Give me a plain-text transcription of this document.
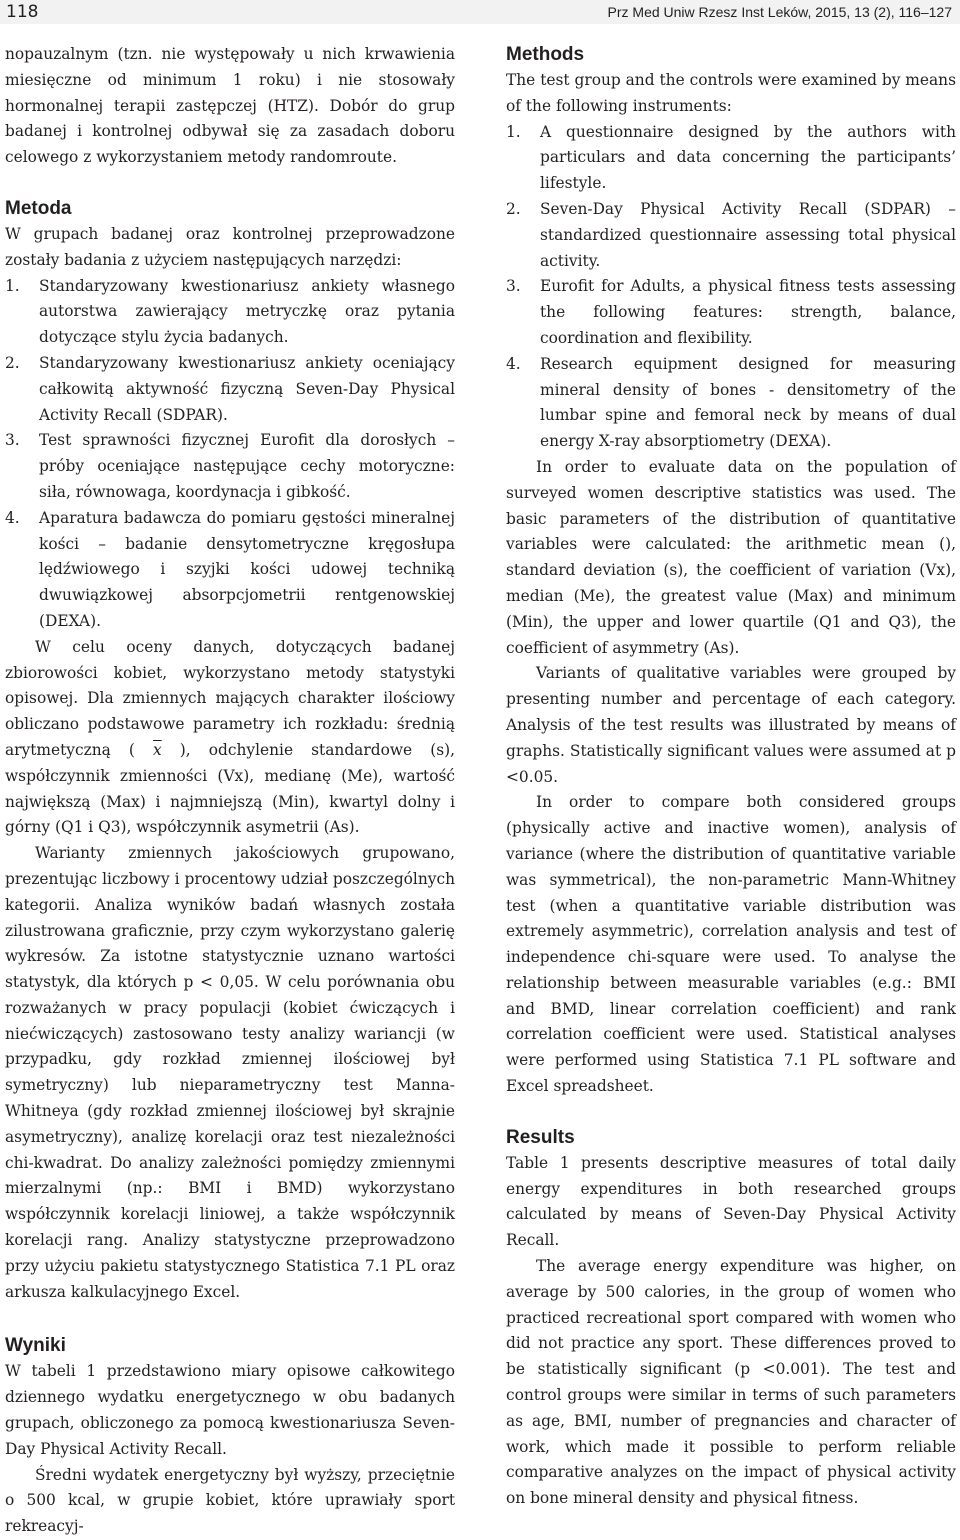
118	Prz Med Uniw Rzesz Inst Leków, 2015, 13 (2), 116–127

nopauzalnym (tzn. nie występowały u nich krwawienia miesięczne od minimum 1 roku) i nie stosowały hormonalnej terapii zastępczej (HTZ). Dobór do grup badanej i kontrolnej odbywał się za zasadach doboru celowego z wykorzystaniem metody randomroute.

Metoda

W grupach badanej oraz kontrolnej przeprowadzone zostały badania z użyciem następujących narzędzi:

1. Standaryzowany kwestionariusz ankiety własnego autorstwa zawierający metryczkę oraz pytania dotyczące stylu życia badanych.
2. Standaryzowany kwestionariusz ankiety oceniający całkowitą aktywność fizyczną Seven-Day Physical Activity Recall (SDPAR).
3. Test sprawności fizycznej Eurofit dla dorosłych – próby oceniające następujące cechy motoryczne: siła, równowaga, koordynacja i gibkość.
4. Aparatura badawcza do pomiaru gęstości mineralnej kości – badanie densytometryczne kręgosłupa lędźwiowego i szyjki kości udowej techniką dwuwiązkowej absorpcjometrii rentgenowskiej (DEXA).

W celu oceny danych, dotyczących badanej zbiorowości kobiet, wykorzystano metody statystyki opisowej. Dla zmiennych mających charakter ilościowy obliczano podstawowe parametry ich rozkładu: średnią arytmetyczną ( $\overline{x}$ ), odchylenie standardowe (s), współczynnik zmienności (Vx), medianę (Me), wartość największą (Max) i najmniejszą (Min), kwartyl dolny i górny (Q1 i Q3), współczynnik asymetrii (As).

Warianty zmiennych jakościowych grupowano, prezentując liczbowy i procentowy udział poszczególnych kategorii. Analiza wyników badań własnych została zilustrowana graficznie, przy czym wykorzystano galerię wykresów. Za istotne statystycznie uznano wartości statystyk, dla których p < 0,05. W celu porównania obu rozważanych w pracy populacji (kobiet ćwiczących i niećwiczących) zastosowano testy analizy wariancji (w przypadku, gdy rozkład zmiennej ilościowej był symetryczny) lub nieparametryczny test Manna-Whitneya (gdy rozkład zmiennej ilościowej był skrajnie asymetryczny), analizę korelacji oraz test niezależności chi-kwadrat. Do analizy zależności pomiędzy zmiennymi mierzalnymi (np.: BMI i BMD) wykorzystano współczynnik korelacji liniowej, a także współczynnik korelacji rang. Analizy statystyczne przeprowadzono przy użyciu pakietu statystycznego Statistica 7.1 PL oraz arkusza kalkulacyjnego Excel.

Wyniki

W tabeli 1 przedstawiono miary opisowe całkowitego dziennego wydatku energetycznego w obu badanych grupach, obliczonego za pomocą kwestionariusza Seven-Day Physical Activity Recall.

Średni wydatek energetyczny był wyższy, przeciętnie o 500 kcal, w grupie kobiet, które uprawiały sport rekreacyj-

Methods

The test group and the controls were examined by means of the following instruments:

1. A questionnaire designed by the authors with particulars and data concerning the participants’ lifestyle.
2. Seven-Day Physical Activity Recall (SDPAR) – standardized questionnaire assessing total physical activity.
3. Eurofit for Adults, a physical fitness tests assessing the following features: strength, balance, coordination and flexibility.
4. Research equipment designed for measuring mineral density of bones - densitometry of the lumbar spine and femoral neck by means of dual energy X-ray absorptiometry (DEXA).

In order to evaluate data on the population of surveyed women descriptive statistics was used. The basic parameters of the distribution of quantitative variables were calculated: the arithmetic mean (), standard deviation (s), the coefficient of variation (Vx), median (Me), the greatest value (Max) and minimum (Min), the upper and lower quartile (Q1 and Q3), the coefficient of asymmetry (As).

Variants of qualitative variables were grouped by presenting number and percentage of each category. Analysis of the test results was illustrated by means of graphs. Statistically significant values were assumed at p <0.05.

In order to compare both considered groups (physically active and inactive women), analysis of variance (where the distribution of quantitative variable was symmetrical), the non-parametric Mann-Whitney test (when a quantitative variable distribution was extremely asymmetric), correlation analysis and test of independence chi-square were used. To analyse the relationship between measurable variables (e.g.: BMI and BMD, linear correlation coefficient) and rank correlation coefficient were used. Statistical analyses were performed using Statistica 7.1 PL software and Excel spreadsheet.

Results

Table 1 presents descriptive measures of total daily energy expenditures in both researched groups calculated by means of Seven-Day Physical Activity Recall.

The average energy expenditure was higher, on average by 500 calories, in the group of women who practiced recreational sport compared with women who did not practice any sport. These differences proved to be statistically significant (p <0.001). The test and control groups were similar in terms of such parameters as age, BMI, number of pregnancies and character of work, which made it possible to perform reliable comparative analyzes on the impact of physical activity on bone mineral density and physical fitness.
